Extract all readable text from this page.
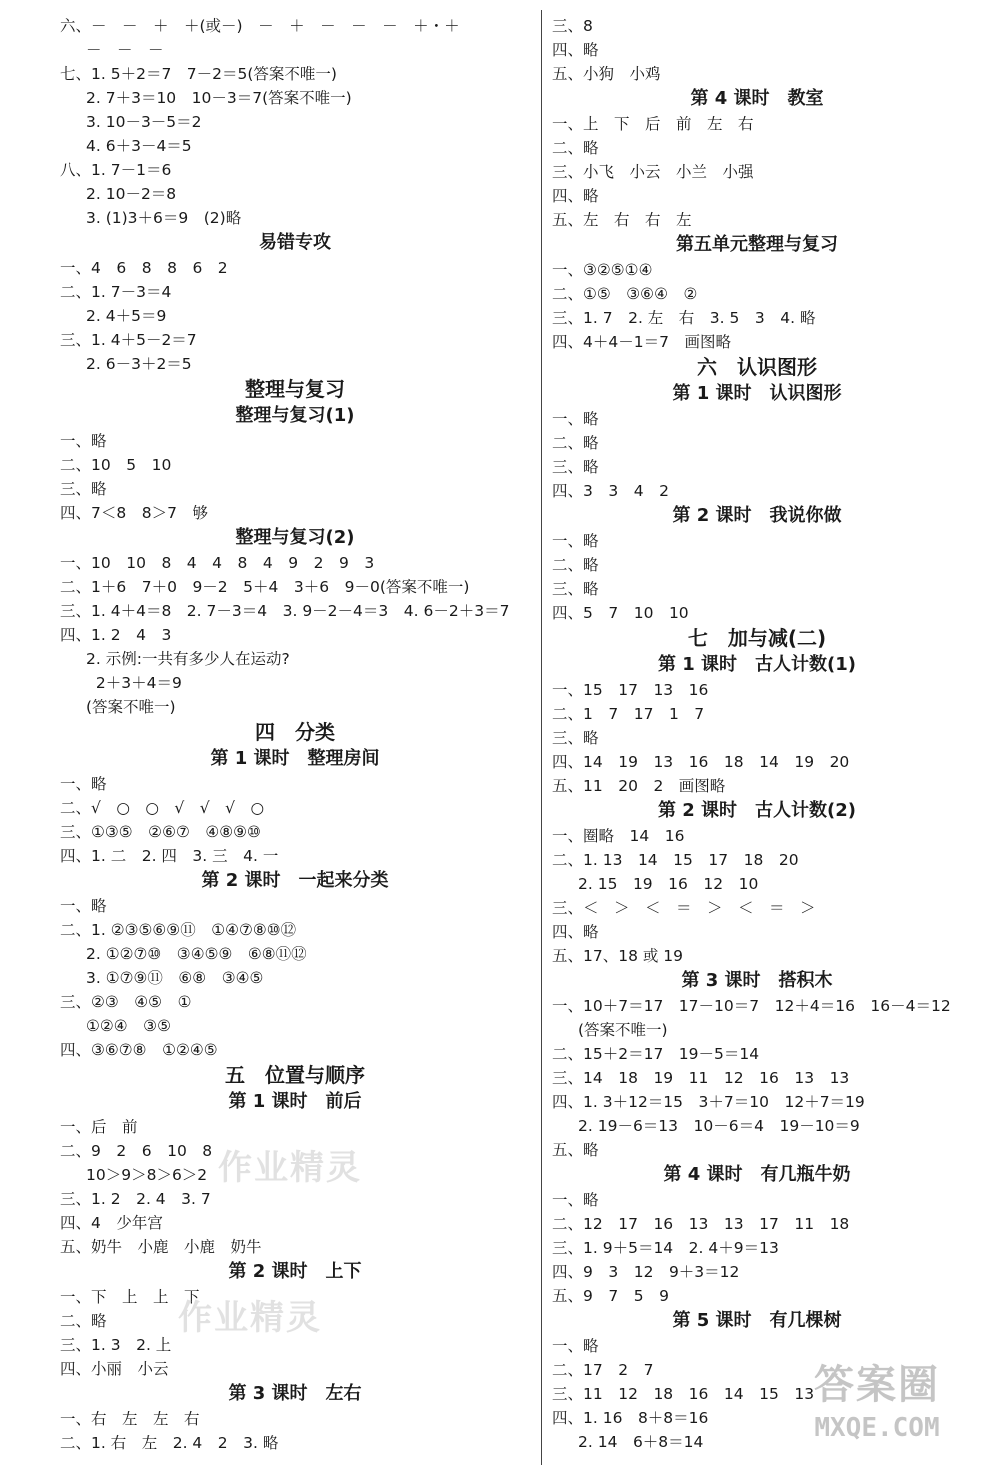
六、－　－　＋　＋(或－)　－　＋　－　－　－　＋・＋
－　－　－
七、1. 5＋2＝7　7－2＝5(答案不唯一)
2. 7＋3＝10　10－3＝7(答案不唯一)
3. 10－3－5＝2
4. 6＋3－4＝5
八、1. 7－1＝6
2. 10－2＝8
3. (1)3＋6＝9　(2)略
易错专攻
一、4　6　8　8　6　2
二、1. 7－3＝4
2. 4＋5＝9
三、1. 4＋5－2＝7
2. 6－3＋2＝5
整理与复习
整理与复习(1)
一、略
二、10　5　10
三、略
四、7＜8　8＞7　够
整理与复习(2)
一、10　10　8　4　4　8　4　9　2　9　3
二、1＋6　7＋0　9－2　5＋4　3＋6　9－0(答案不唯一)
三、1. 4＋4＝8　2. 7－3＝4　3. 9－2－4＝3　4. 6－2＋3＝7
四、1. 2　4　3
2. 示例:一共有多少人在运动?
2＋3＋4＝9
(答案不唯一)
四　分类
第 1 课时　整理房间
一、略
二、√　○　○　√　√　√　○
三、①③⑤　②⑥⑦　④⑧⑨⑩
四、1. 二　2. 四　3. 三　4. 一
第 2 课时　一起来分类
一、略
二、1. ②③⑤⑥⑨⑪　①④⑦⑧⑩⑫
2. ①②⑦⑩　③④⑤⑨　⑥⑧⑪⑫
3. ①⑦⑨⑪　⑥⑧　③④⑤
三、②③　④⑤　①
①②④　③⑤
四、③⑥⑦⑧　①②④⑤
五　位置与顺序
第 1 课时　前后
一、后　前
二、9　2　6　10　8
10＞9＞8＞6＞2
三、1. 2　2. 4　3. 7
四、4　少年宫
五、奶牛　小鹿　小鹿　奶牛
第 2 课时　上下
一、下　上　上　下
二、略
三、1. 3　2. 上
四、小丽　小云
第 3 课时　左右
一、右　左　左　右
二、1. 右　左　2. 4　2　3. 略
三、8
四、略
五、小狗　小鸡
第 4 课时　教室
一、上　下　后　前　左　右
二、略
三、小飞　小云　小兰　小强
四、略
五、左　右　右　左
第五单元整理与复习
一、③②⑤①④
二、①⑤　③⑥④　②
三、1. 7　2. 左　右　3. 5　3　4. 略
四、4＋4－1＝7　画图略
六　认识图形
第 1 课时　认识图形
一、略
二、略
三、略
四、3　3　4　2
第 2 课时　我说你做
一、略
二、略
三、略
四、5　7　10　10
七　加与减(二)
第 1 课时　古人计数(1)
一、15　17　13　16
二、1　7　17　1　7
三、略
四、14　19　13　16　18　14　19　20
五、11　20　2　画图略
第 2 课时　古人计数(2)
一、圈略　14　16
二、1. 13　14　15　17　18　20
2. 15　19　16　12　10
三、＜　＞　＜　＝　＞　＜　＝　＞
四、略
五、17、18 或 19
第 3 课时　搭积木
一、10＋7＝17　17－10＝7　12＋4＝16　16－4＝12
(答案不唯一)
二、15＋2＝17　19－5＝14
三、14　18　19　11　12　16　13　13
四、1. 3＋12＝15　3＋7＝10　12＋7＝19
2. 19－6＝13　10－6＝4　19－10＝9
五、略
第 4 课时　有几瓶牛奶
一、略
二、12　17　16　13　13　17　11　18
三、1. 9＋5＝14　2. 4＋9＝13
四、9　3　12　9＋3＝12
五、9　7　5　9
第 5 课时　有几棵树
一、略
二、17　2　7
三、11　12　18　16　14　15　13
四、1. 16　8＋8＝16
2. 14　6＋8＝14
作业精灵
作业精灵
答案圈
MXQE.COM
